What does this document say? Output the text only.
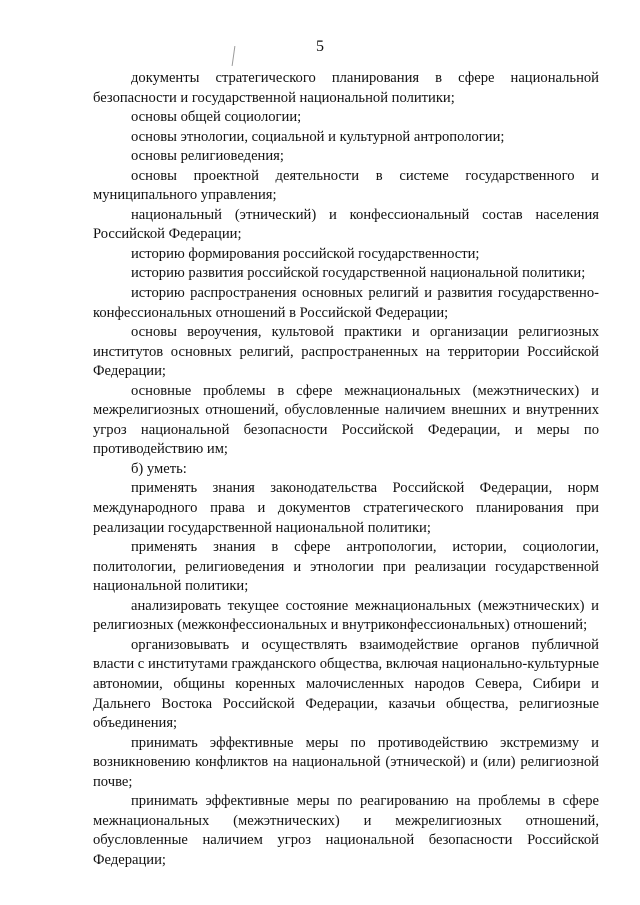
5

документы стратегического планирования в сфере национальной безопасности и государственной национальной политики;

основы общей социологии;

основы этнологии, социальной и культурной антропологии;

основы религиоведения;

основы проектной деятельности в системе государственного и муниципального управления;

национальный (этнический) и конфессиональный состав населения Российской Федерации;

историю формирования российской государственности;

историю развития российской государственной национальной политики;

историю распространения основных религий и развития государственно-конфессиональных отношений в Российской Федерации;

основы вероучения, культовой практики и организации религиозных институтов основных религий, распространенных на территории Российской Федерации;

основные проблемы в сфере межнациональных (межэтнических) и межрелигиозных отношений, обусловленные наличием внешних и внутренних угроз национальной безопасности Российской Федерации, и меры по противодействию им;

б) уметь:

применять знания законодательства Российской Федерации, норм международного права и документов стратегического планирования при реализации государственной национальной политики;

применять знания в сфере антропологии, истории, социологии, политологии, религиоведения и этнологии при реализации государственной национальной политики;

анализировать текущее состояние межнациональных (межэтнических) и религиозных (межконфессиональных и внутриконфессиональных) отношений;

организовывать и осуществлять взаимодействие органов публичной власти с институтами гражданского общества, включая национально-культурные автономии, общины коренных малочисленных народов Севера, Сибири и Дальнего Востока Российской Федерации, казачьи общества, религиозные объединения;

принимать эффективные меры по противодействию экстремизму и возникновению конфликтов на национальной (этнической) и (или) религиозной почве;

принимать эффективные меры по реагированию на проблемы в сфере межнациональных (межэтнических) и межрелигиозных отношений, обусловленные наличием угроз национальной безопасности Российской Федерации;
